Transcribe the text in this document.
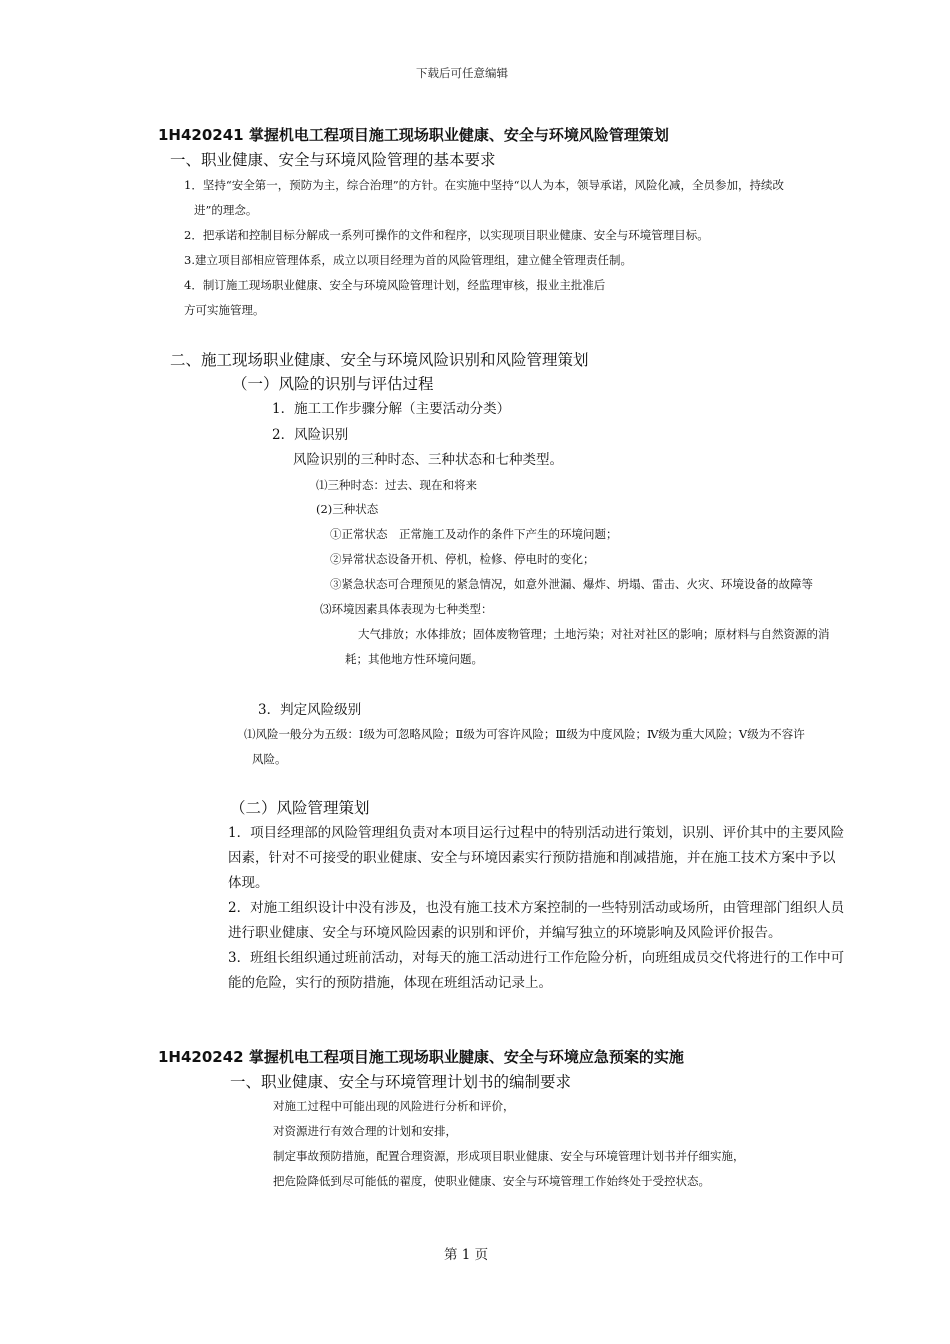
下载后可任意编辑
1H420241 掌握机电工程项目施工现场职业健康、安全与环境风险管理策划
一、职业健康、安全与环境风险管理的基本要求
1．坚持“安全第一，预防为主，综合治理”的方针。在实施中坚持“以人为本，领导承诺，风险化减，全员参加，持续改
进”的理念。
2．把承诺和控制目标分解成一系列可操作的文件和程序，以实现项目职业健康、安全与环境管理目标。
3.建立项目部相应管理体系，成立以项目经理为首的风险管理组，建立健全管理责任制。
4．制订施工现场职业健康、安全与环境风险管理计划，经监理审核，报业主批准后
方可实施管理。
二、施工现场职业健康、安全与环境风险识别和风险管理策划
（一）风险的识别与评估过程
1．施工工作步骤分解（主要活动分类）
2．风险识别
风险识别的三种时态、三种状态和七种类型。
⑴三种时态：过去、现在和将来
(2)三种状态
①正常状态　正常施工及动作的条件下产生的环境问题；
②异常状态设备开机、停机，检修、停电时的变化；
③紧急状态可合理预见的紧急情况，如意外泄漏、爆炸、坍塌、雷击、火灾、环境设备的故障等
⑶环境因素具体表现为七种类型：
大气排放；水体排放；固体废物管理；土地污染；对社对社区的影响；原材料与自然资源的消
耗；其他地方性环境问题。
3．判定风险级别
⑴风险一般分为五级：Ⅰ级为可忽略风险；Ⅱ级为可容许风险；Ⅲ级为中度风险；Ⅳ级为重大风险；Ⅴ级为不容许
风险。
（二）风险管理策划
1．项目经理部的风险管理组负责对本项目运行过程中的特别活动进行策划，识别、评价其中的主要风险
因素，针对不可接受的职业健康、安全与环境因素实行预防措施和削减措施，并在施工技术方案中予以
体现。
2．对施工组织设计中没有涉及，也没有施工技术方案控制的一些特别活动或场所，由管理部门组织人员
进行职业健康、安全与环境风险因素的识别和评价，并编写独立的环境影响及风险评价报告。
3．班组长组织通过班前活动，对每天的施工活动进行工作危险分析，向班组成员交代将进行的工作中可
能的危险，实行的预防措施，体现在班组活动记录上。
1H420242 掌握机电工程项目施工现场职业腱康、安全与环境应急预案的实施
一、职业健康、安全与环境管理计划书的编制要求
对施工过程中可能出现的风险进行分析和评价，
对资源进行有效合理的计划和安排，
制定事故预防措施，配置合理资源，形成项目职业健康、安全与环境管理计划书并仔细实施，
把危险降低到尽可能低的翟度，使职业健康、安全与环境管理工作始终处于受控状态。
第 1 页
